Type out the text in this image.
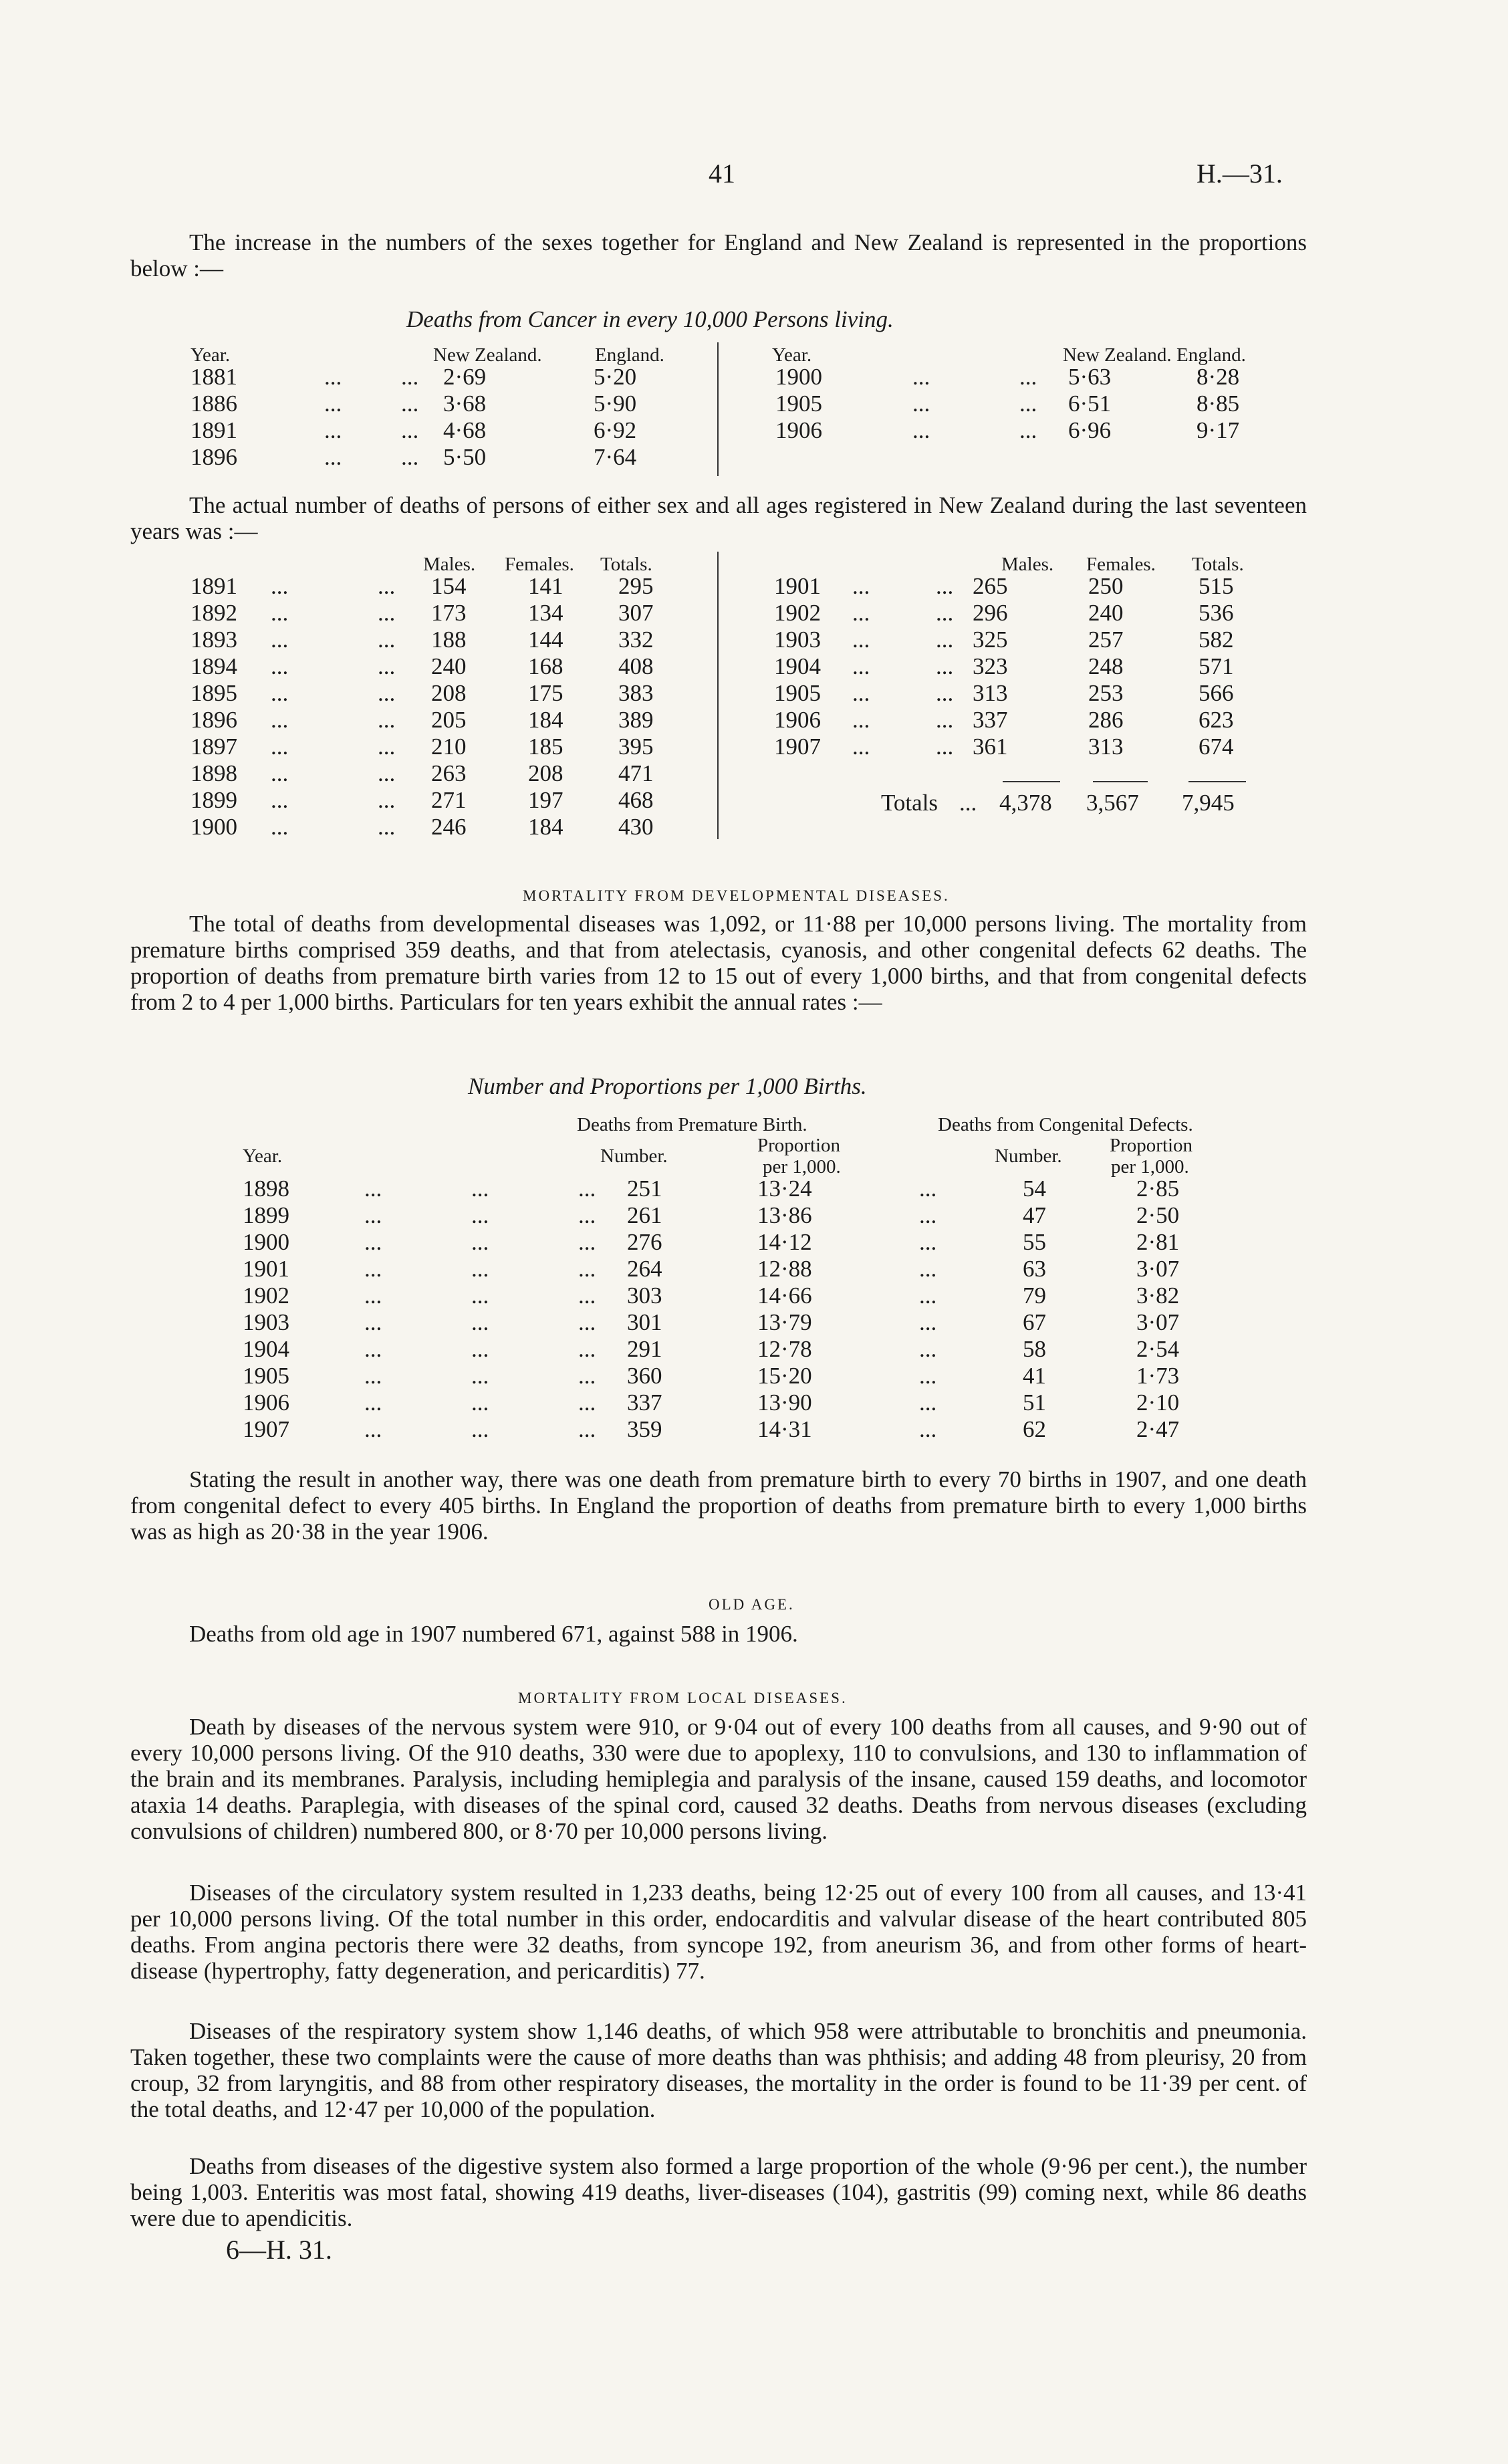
41	H.—31.
The increase in the numbers of the sexes together for England and New Zealand is represented in the proportions below :—
Deaths from Cancer in every 10,000 Persons living.
Year.	New Zealand.	England.	Year.	New Zealand. England.
1881	...	... 2·69	5·20
1886	...	... 3·68	5·90
1891	...	... 4·68	6·92
1896	...	... 5·50	7·64
1900	...	... 5·63	8·28
1905	...	... 6·51	8·85
1906	...	... 6·96	9·17
The actual number of deaths of persons of either sex and all ages registered in New Zealand during the last seventeen years was :—
Males. Females. Totals.	Males. Females. Totals.
1891 ...	... 154	141 295
1892 ...	... 173	134 307
1893 ...	... 188	144 332
1894 ...	... 240	168 408
1895 ...	... 208	175 383
1896 ...	... 205	184 389
1897 ...	... 210	185 395
1898 ...	... 263	208 471
1899 ...	... 271	197 468
1900 ...	... 246	184 430
1901 ...	... 265	250	515
1902 ...	... 296	240	536
1903 ...	... 325	257	582
1904 ...	... 323	248	571
1905 ...	... 313	253	566
1906 ...	... 337	286	623
1907 ...	... 361	313	674
Totals ... 4,378 3,567 7,945
MORTALITY FROM DEVELOPMENTAL DISEASES.
The total of deaths from developmental diseases was 1,092, or 11·88 per 10,000 persons living. The mortality from premature births comprised 359 deaths, and that from atelectasis, cyanosis, and other congenital defects 62 deaths. The proportion of deaths from premature birth varies from 12 to 15 out of every 1,000 births, and that from congenital defects from 2 to 4 per 1,000 births. Particulars for ten years exhibit the annual rates :—
Number and Proportions per 1,000 Births.
Deaths from Premature Birth.	Deaths from Congenital Defects.
Year.	Number.	Proportion
per 1,000.	Number. Proportion
per 1,000.
1898	...	...	... 251	13·24	...	54	2·85
1899	...	...	... 261	13·86	...	47	2·50
1900	...	...	... 276	14·12	...	55	2·81
1901	...	...	... 264	12·88	...	63	3·07
1902	...	...	... 303	14·66	...	79	3·82
1903	...	...	... 301	13·79	...	67	3·07
1904	...	...	... 291	12·78	...	58	2·54
1905	...	...	... 360	15·20	...	41	1·73
1906	...	...	... 337	13·90	...	51	2·10
1907	...	...	... 359	14·31	...	62	2·47
Stating the result in another way, there was one death from premature birth to every 70 births in 1907, and one death from congenital defect to every 405 births. In England the proportion of deaths from premature birth to every 1,000 births was as high as 20·38 in the year 1906.
OLD AGE.
Deaths from old age in 1907 numbered 671, against 588 in 1906.
MORTALITY FROM LOCAL DISEASES.
Death by diseases of the nervous system were 910, or 9·04 out of every 100 deaths from all causes, and 9·90 out of every 10,000 persons living. Of the 910 deaths, 330 were due to apoplexy, 110 to convulsions, and 130 to inflammation of the brain and its membranes. Paralysis, including hemiplegia and paralysis of the insane, caused 159 deaths, and locomotor ataxia 14 deaths. Paraplegia, with diseases of the spinal cord, caused 32 deaths. Deaths from nervous diseases (excluding convulsions of children) numbered 800, or 8·70 per 10,000 persons living.
Diseases of the circulatory system resulted in 1,233 deaths, being 12·25 out of every 100 from all causes, and 13·41 per 10,000 persons living. Of the total number in this order, endocarditis and valvular disease of the heart contributed 805 deaths. From angina pectoris there were 32 deaths, from syncope 192, from aneurism 36, and from other forms of heart-disease (hypertrophy, fatty degeneration, and pericarditis) 77.
Diseases of the respiratory system show 1,146 deaths, of which 958 were attributable to bronchitis and pneumonia. Taken together, these two complaints were the cause of more deaths than was phthisis; and adding 48 from pleurisy, 20 from croup, 32 from laryngitis, and 88 from other respiratory diseases, the mortality in the order is found to be 11·39 per cent. of the total deaths, and 12·47 per 10,000 of the population.
Deaths from diseases of the digestive system also formed a large proportion of the whole (9·96 per cent.), the number being 1,003. Enteritis was most fatal, showing 419 deaths, liver-diseases (104), gastritis (99) coming next, while 86 deaths were due to apendicitis.
6—H. 31.
